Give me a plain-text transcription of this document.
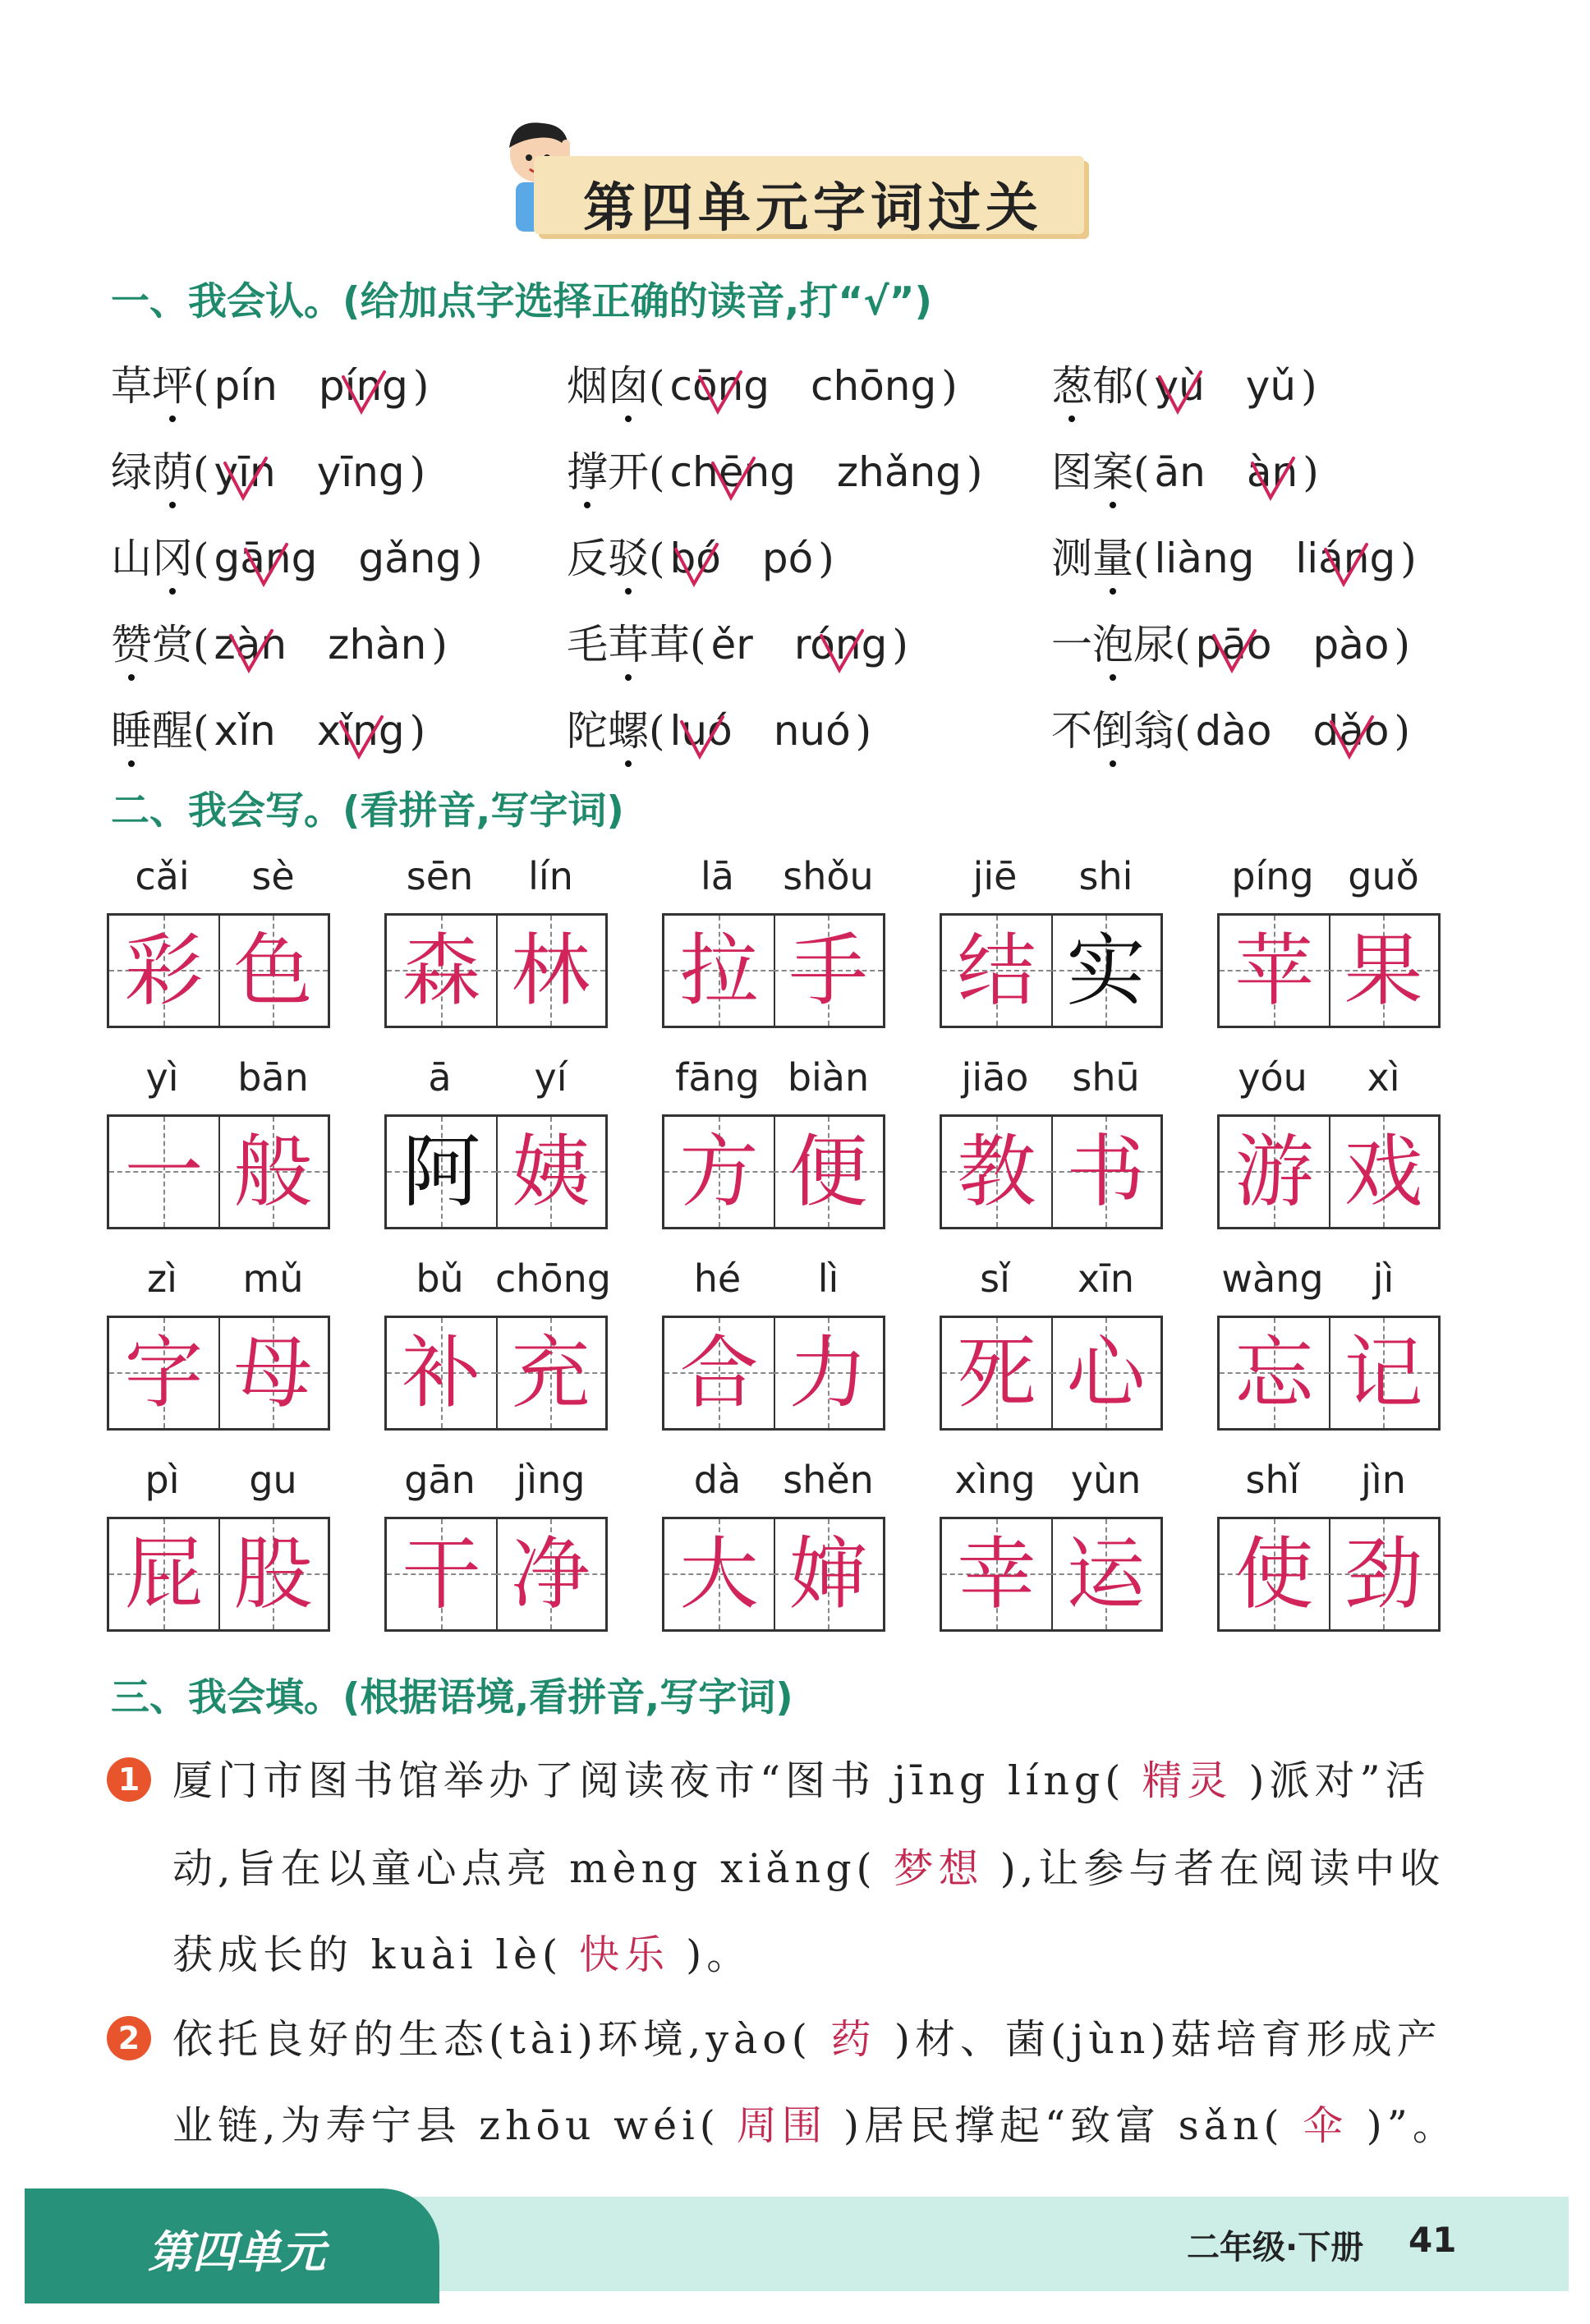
第四单元字词过关
一、我会认。(给加点字选择正确的读音,打“√”)
草坪( pín píng )	烟囱( cōng chōng ) 葱郁( yù yǔ )
绿荫( yīn yīng )	撑开( chēng zhǎng ) 图案( ān àn )
山冈( gāng gǎng ) 反驳( bó pó )	测量( liàng liáng )
赞赏( zàn zhàn )	毛茸茸( ěr róng )	一泡尿( pāo pào )
睡醒( xǐn xǐng )	陀螺( luó nuó )	不倒翁( dào dǎo )
二、我会写。(看拼音,写字词)
cǎi	sè
彩 色
sēn	lín
森 林
lā	shǒu
拉 手
jiē	shi
结 实
píng guǒ
苹 果
yì	bān
一 般
ā	yí
阿 姨
fāng biàn
方 便
jiāo	shū
教 书
yóu	xì
游 戏
zì	mǔ
字 母
bǔ chōng
补 充
hé	lì
合 力
sǐ	xīn
死 心
wàng	jì
忘 记
pì	gu
屁 股
gān	jìng
干 净
dà	shěn
大 婶
xìng yùn
幸 运
shǐ	jìn
使 劲
三、我会填。(根据语境,看拼音,写字词)
1 厦门市图书馆举办了阅读夜市“图书 jīng líng( 精灵 )派对”活
动,旨在以童心点亮 mèng xiǎng( 梦想 ),让参与者在阅读中收
获成长的 kuài lè( 快乐 )。
2 依托良好的生态(tài)环境,yào( 药 )材、菌(jùn)菇培育形成产
业链,为寿宁县 zhōu wéi( 周围 )居民撑起“致富 sǎn( 伞 )”。
第四单元	二年级·下册 41
